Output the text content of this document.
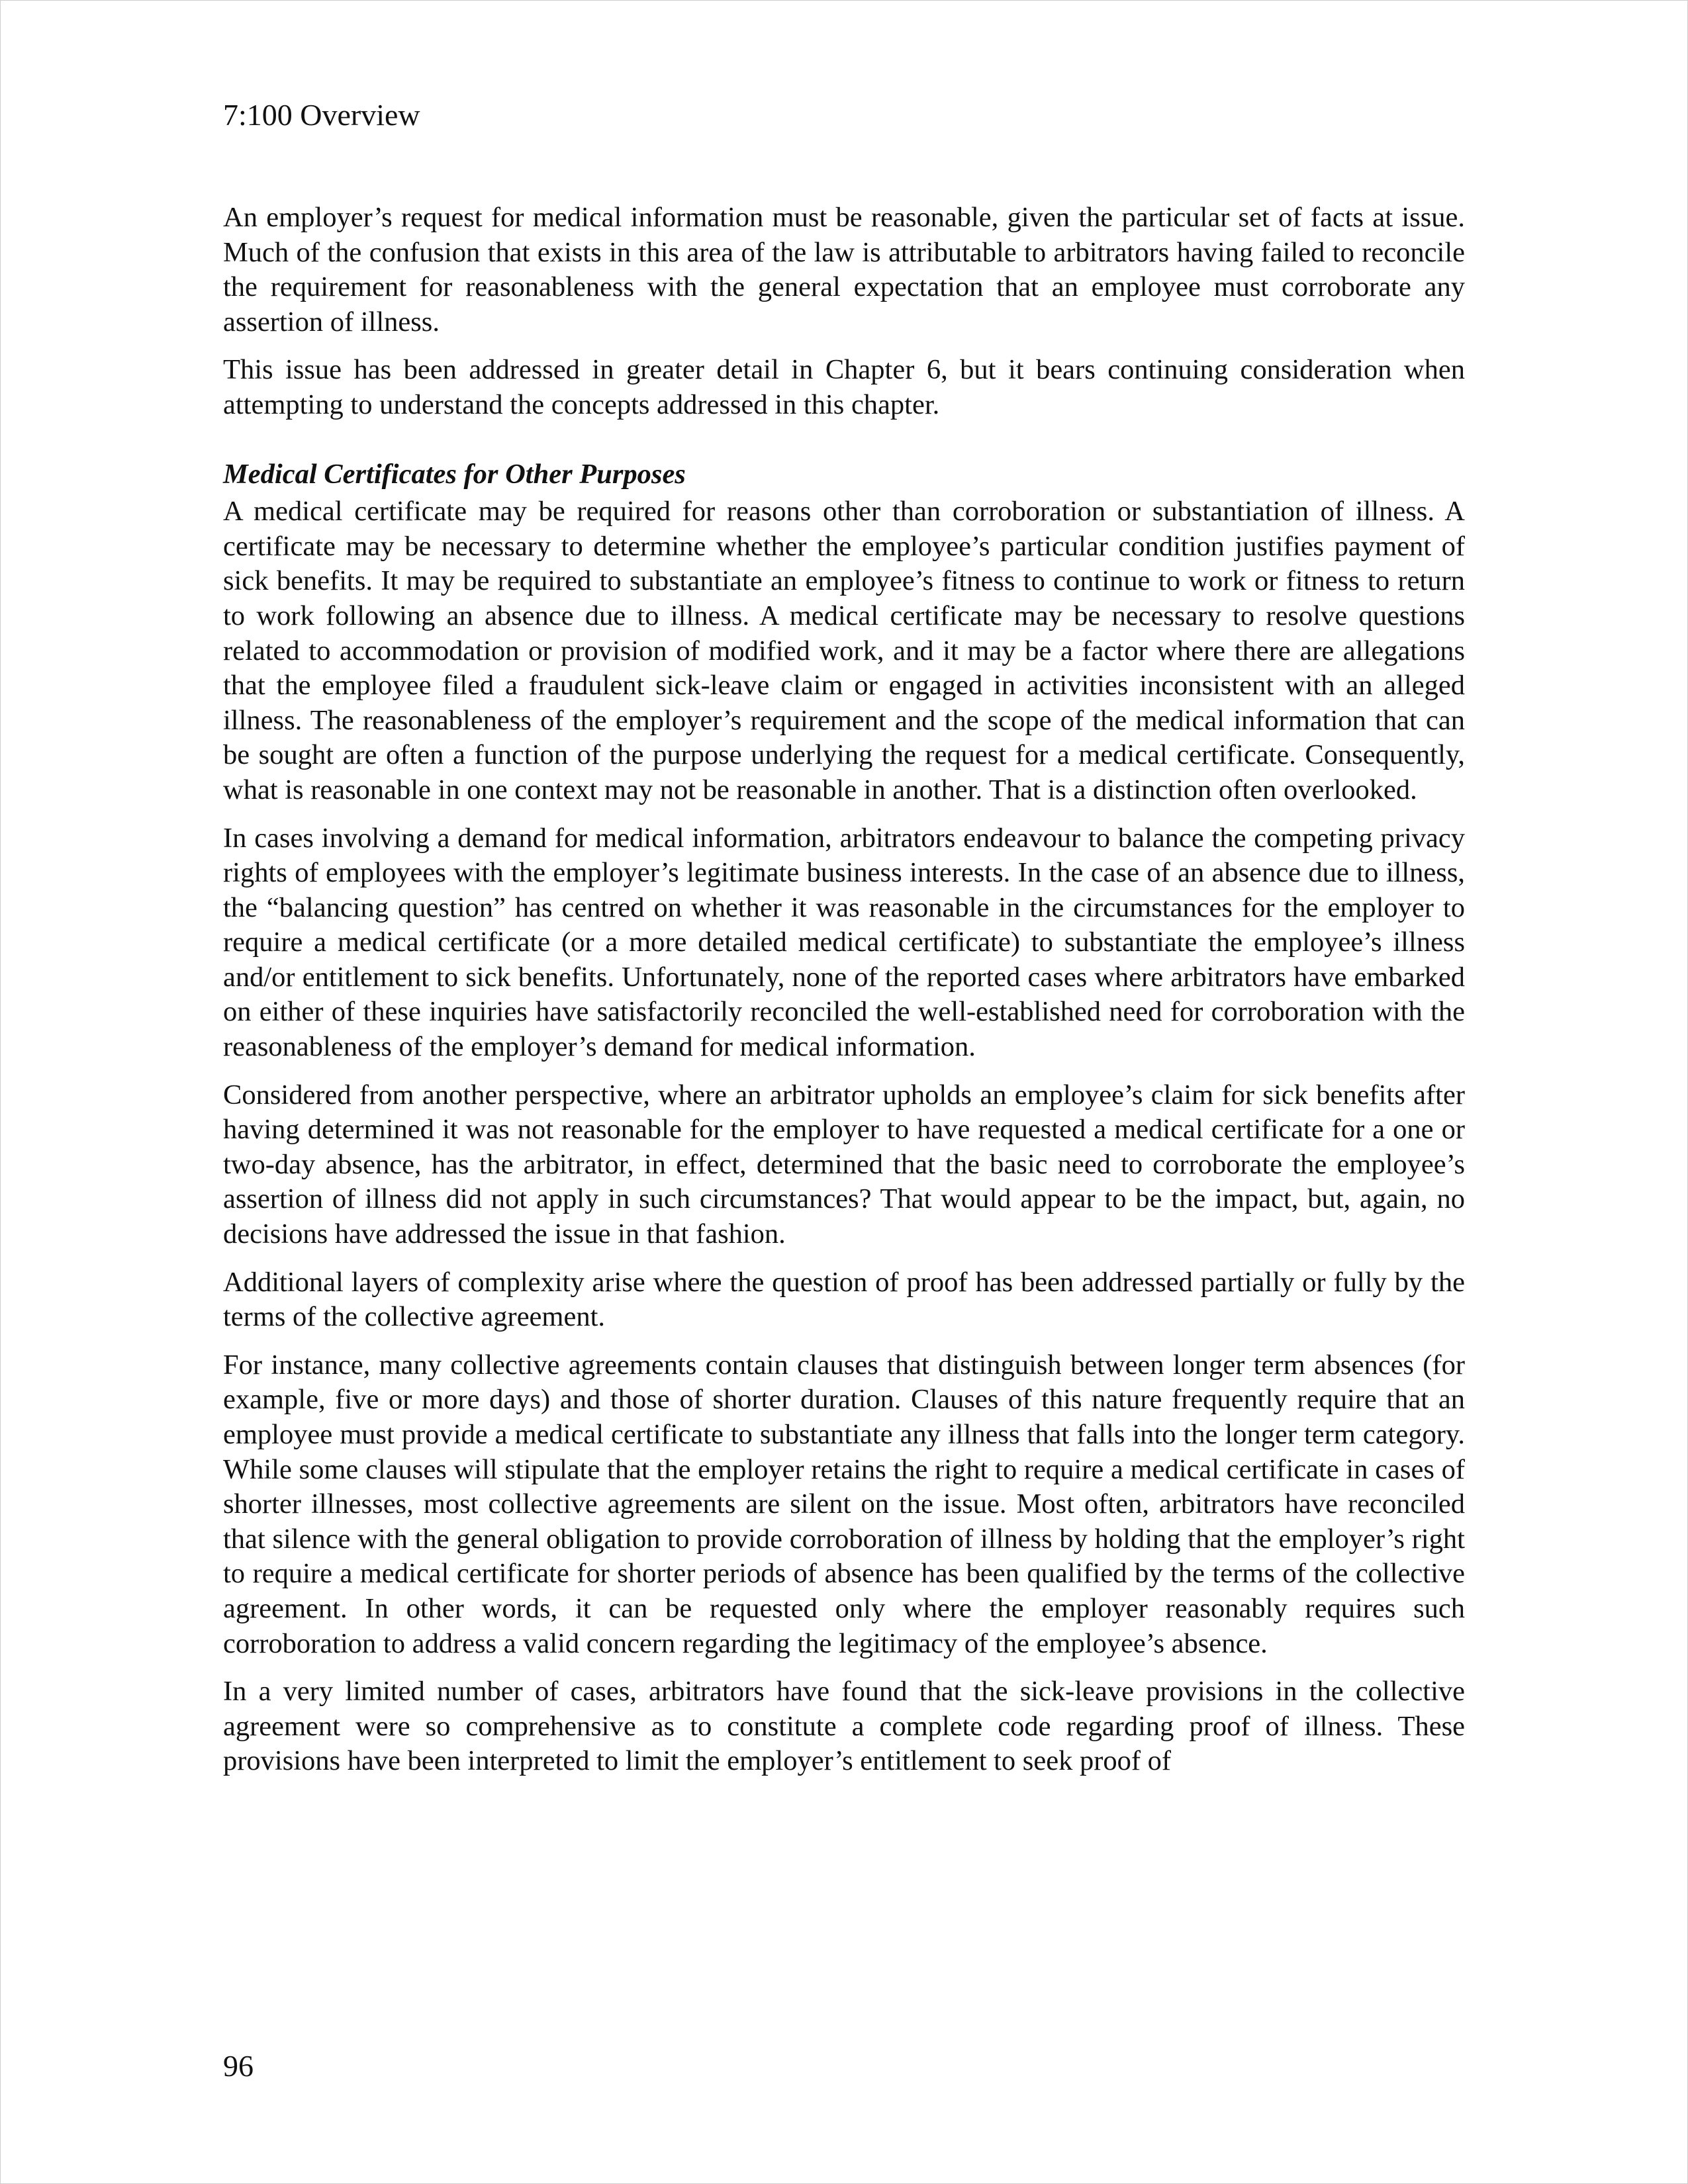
7:100 Overview

An employer’s request for medical information must be reasonable, given the particular set of facts at issue. Much of the confusion that exists in this area of the law is attributable to arbitrators having failed to reconcile the requirement for reasonableness with the general expectation that an employee must corroborate any assertion of illness.

This issue has been addressed in greater detail in Chapter 6, but it bears continuing consideration when attempting to understand the concepts addressed in this chapter.

Medical Certificates for Other Purposes

A medical certificate may be required for reasons other than corroboration or substantiation of illness. A certificate may be necessary to determine whether the employee’s particular condition justifies payment of sick benefits. It may be required to substantiate an employee’s fitness to continue to work or fitness to return to work following an absence due to illness. A medical certificate may be necessary to resolve questions related to accommodation or provision of modified work, and it may be a factor where there are allegations that the employee filed a fraudulent sick-leave claim or engaged in activities inconsistent with an alleged illness. The reasonableness of the employer’s requirement and the scope of the medical information that can be sought are often a function of the purpose underlying the request for a medical certificate. Consequently, what is reasonable in one context may not be reasonable in another. That is a distinction often overlooked.

In cases involving a demand for medical information, arbitrators endeavour to balance the competing privacy rights of employees with the employer’s legitimate business interests. In the case of an absence due to illness, the “balancing question” has centred on whether it was reasonable in the circumstances for the employer to require a medical certificate (or a more detailed medical certificate) to substantiate the employee’s illness and/or entitlement to sick benefits. Unfortunately, none of the reported cases where arbitrators have embarked on either of these inquiries have satisfactorily reconciled the well-established need for corroboration with the reasonableness of the employer’s demand for medical information.

Considered from another perspective, where an arbitrator upholds an employee’s claim for sick benefits after having determined it was not reasonable for the employer to have requested a medical certificate for a one or two-day absence, has the arbitrator, in effect, determined that the basic need to corroborate the employee’s assertion of illness did not apply in such circumstances? That would appear to be the impact, but, again, no decisions have addressed the issue in that fashion.

Additional layers of complexity arise where the question of proof has been addressed partially or fully by the terms of the collective agreement.

For instance, many collective agreements contain clauses that distinguish between longer term absences (for example, five or more days) and those of shorter duration. Clauses of this nature frequently require that an employee must provide a medical certificate to substantiate any illness that falls into the longer term category. While some clauses will stipulate that the employer retains the right to require a medical certificate in cases of shorter illnesses, most collective agreements are silent on the issue. Most often, arbitrators have reconciled that silence with the general obligation to provide corroboration of illness by holding that the employer’s right to require a medical certificate for shorter periods of absence has been qualified by the terms of the collective agreement. In other words, it can be requested only where the employer reasonably requires such corroboration to address a valid concern regarding the legitimacy of the employee’s absence.

In a very limited number of cases, arbitrators have found that the sick-leave provisions in the collective agreement were so comprehensive as to constitute a complete code regarding proof of illness. These provisions have been interpreted to limit the employer’s entitlement to seek proof of

96
